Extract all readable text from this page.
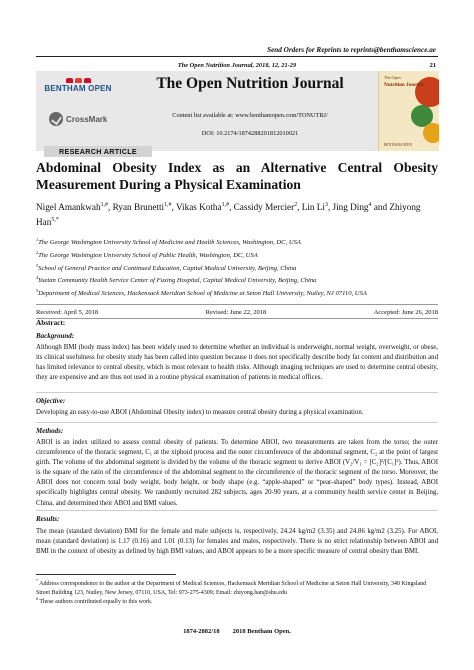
Send Orders for Reprints to reprints@benthamscience.ae
The Open Nutrition Journal, 2018, 12, 21-29	21
BENTHAM OPEN
CrossMark
The Open Nutrition Journal
Content list available at: www.benthamopen.com/TONUTRJ/
DOI: 10.2174/1874288201812010021
The Open
Nutrition Journal
BENTHAM OPEN
RESEARCH ARTICLE
Abdominal Obesity Index as an Alternative Central Obesity Measurement During a Physical Examination
Nigel Amankwah$^{1,\#}$, Ryan Brunetti$^{1,\#}$, Vikas Kotha$^{1,\#}$, Cassidy Mercier$^2$, Lin Li$^3$, Jing Ding$^4$ and Zhiyong Han$^{5,*}$
$^1$The George Washington University School of Medicine and Health Sciences, Washington, DC, USA
$^2$The George Washington University School of Public Health, Washington, DC, USA
$^3$School of General Practice and Continued Education, Capital Medical University, Beijing, China
$^4$Yuetan Community Health Service Center of Fuxing Hospital, Capital Medical University, Beijing, China
$^5$Department of Medical Sciences, Hackensack Meridian School of Medicine at Seton Hall University, Nutley, NJ 07110, USA
Received: April 5, 2018	Revised: June 22, 2018	Accepted: June 26, 2018
Abstract:
Background:
Although BMI (body mass index) has been widely used to determine whether an individual is underweight, normal weight, overweight, or obese, its clinical usefulness for obesity study has been called into question because it does not specifically describe body fat content and distribution and has limited relevance to central obesity, which is most relevant to health risks. Although imaging techniques are used to determine central obesity, they are expensive and are thus not used in a routine physical examination of patients in medical offices.
Objective:
Developing an easy-to-use ABOI (Abdominal Obesity index) to measure central obesity during a physical examination.
Methods:
ABOI is an index utilized to assess central obesity of patients. To determine ABOI, two measurements are taken from the torso; the outer circumference of the thoracic segment, C₁ at the xiphoid process and the outer circumference of the abdominal segment, C₂ at the point of largest girth. The volume of the abdominal segment is divided by the volume of the thoracic segment to derive ABOI (V₂/V₁ = [C₂]²/[C₁]²). Thus, ABOI is the square of the ratio of the circumference of the abdominal segment to the circumference of the thoracic segment of the torso. Moreover, the ABOI does not concern total body weight, body height, or body shape (e.g. “apple-shaped” or “pear-shaped” body types). Instead, ABOI specifically highlights central obesity. We randomly recruited 282 subjects, ages 20-90 years, at a community health service center in Beijing, China, and determined their ABOI and BMI values.
Results:
The mean (standard deviation) BMI for the female and male subjects is, respectively, 24.24 kg/m2 (3.35) and 24.86 kg/m2 (3.25). For ABOI, mean (standard deviation) is 1.17 (0.16) and 1.01 (0.13) for females and males, respectively. There is no strict relationship between ABOI and BMI in the context of obesity as defined by high BMI values, and ABOI appears to be a more specific measure of central obesity than BMI.
* Address correspondence to the author at the Department of Medical Sciences, Hackensack Meridian School of Medicine at Seton Hall University, 340 Kingsland Street Building 123, Nutley, New Jersey, 07110, USA, Tel: 973-275-4309; Email: zhiyong.han@shu.edu
# These authors contributed equally to this work.
1874-2882/18        2018 Bentham Open.
